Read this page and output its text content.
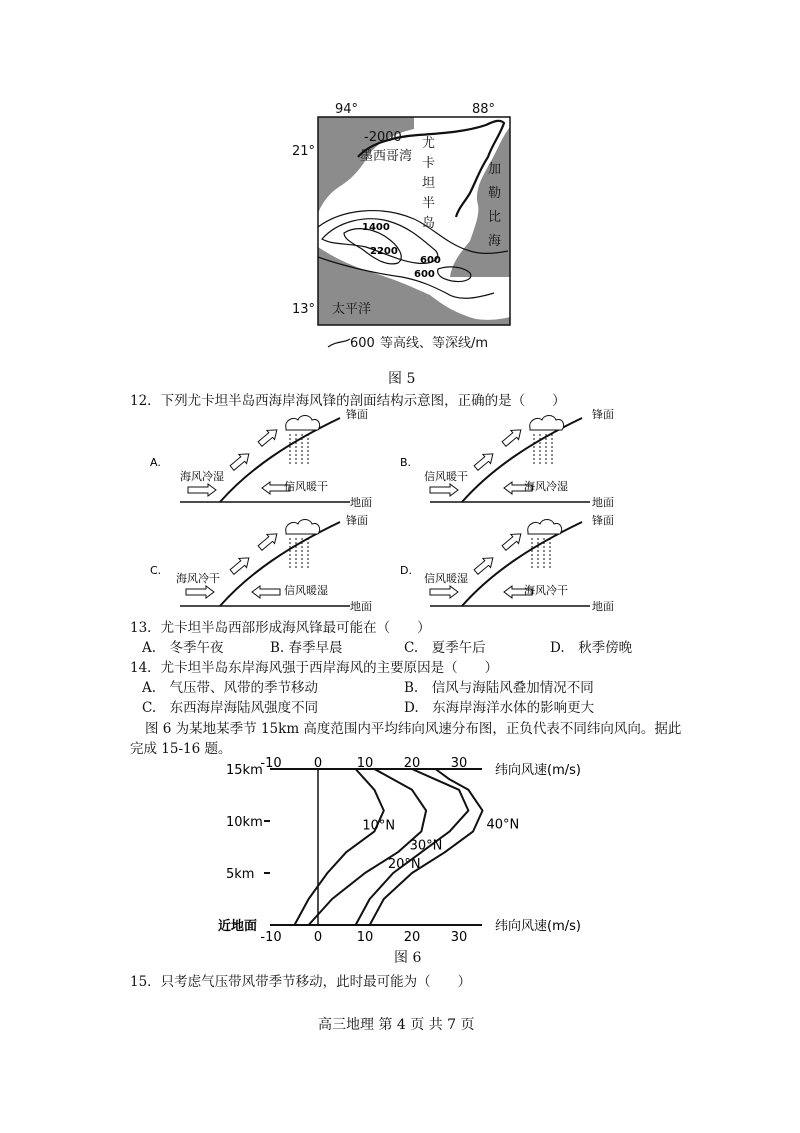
94°	88°
21°
13°
-2000
墨西哥湾
尤
卡
坦
半
岛
加
勒
比
海
1400
2200
600
600
太平洋
600 等高线、等深线/m
图 5
12．下列尤卡坦半岛西海岸海风锋的剖面结构示意图，正确的是（　　）
A.
锋面
海风冷湿
信风暖干
地面
B.
锋面
信风暖干
海风冷湿
地面
C.
锋面
海风冷干
信风暖湿
地面
D.
锋面
信风暖湿
海风冷干
地面
13．尤卡坦半岛西部形成海风锋最可能在（　　）
A.　冬季午夜	B. 春季早晨	C.　夏季午后	D.　秋季傍晚
14．尤卡坦半岛东岸海风强于西岸海风的主要原因是（　　）
A.　气压带、风带的季节移动	B.　信风与海陆风叠加情况不同
C.　东西海岸海陆风强度不同	D.　东海岸海洋水体的影响更大
图 6 为某地某季节 15km 高度范围内平均纬向风速分布图，正负代表不同纬向风向。据此
完成 15-16 题。
纬向风速(m/s)
纬向风速(m/s)
-10
-10
0
0
10
10
20
20
30
30
15km
10km
5km
近地面
10°N
20°N
30°N
40°N
图 6
15．只考虑气压带风带季节移动，此时最可能为（　　）
高三地理 第 4 页 共 7 页
